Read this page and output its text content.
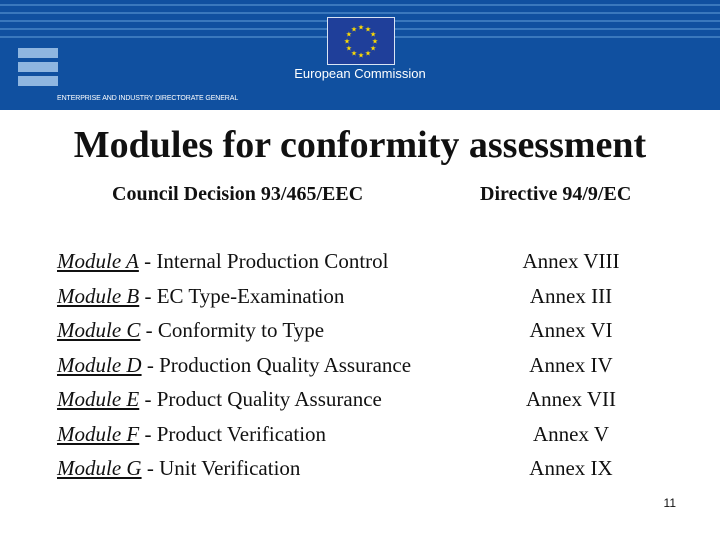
★ ★
★
★
★
★
★
★
★
★
★
★
European Commission
ENTERPRISE AND INDUSTRY DIRECTORATE GENERAL
Modules for conformity assessment
Council Decision 93/465/EEC	Directive 94/9/EC
Module A - Internal Production Control
Module B - EC Type-Examination
Module C - Conformity to Type
Module D - Production Quality Assurance
Module E - Product Quality Assurance
Module F - Product Verification
Module G - Unit Verification
Annex VIII
Annex III
Annex VI
Annex IV
Annex VII
Annex V
Annex IX
11
